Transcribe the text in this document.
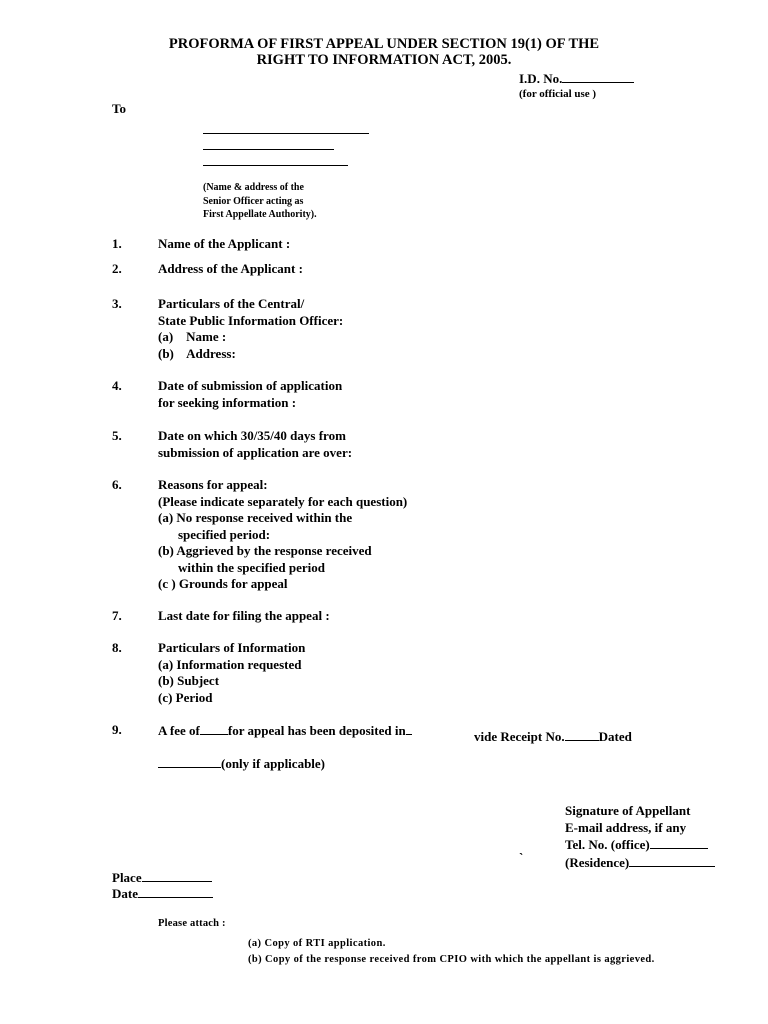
PROFORMA OF FIRST APPEAL UNDER SECTION 19(1) OF THE
RIGHT TO INFORMATION ACT, 2005.
I.D. No.
(for official use )
To
(Name & address of the
Senior Officer acting as
First Appellate Authority).
1.	Name of the Applicant :
2.	Address of the Applicant :
3.	Particulars of the Central/
State Public Information Officer:
(a)    Name :
(b)    Address:
4.	Date of submission of application
for seeking information :
5.	Date on which 30/35/40 days from
submission of application are over:
6.	Reasons for appeal:
(Please indicate separately for each question)
(a) No response received within the
specified period:
(b) Aggrieved by the response received
within the specified period
(c ) Grounds for appeal
7.	Last date for filing the appeal :
8.	Particulars of Information
(a) Information requested
(b) Subject
(c) Period
9.	A fee of for appeal has been deposited in	vide Receipt No.	Dated
(only if applicable)
Signature of Appellant
E-mail address, if any
Tel. No. (office)
(Residence)
`
Place
Date
Please attach :
(a) Copy of RTI application.
(b) Copy of the response received from CPIO with which the appellant is aggrieved.
